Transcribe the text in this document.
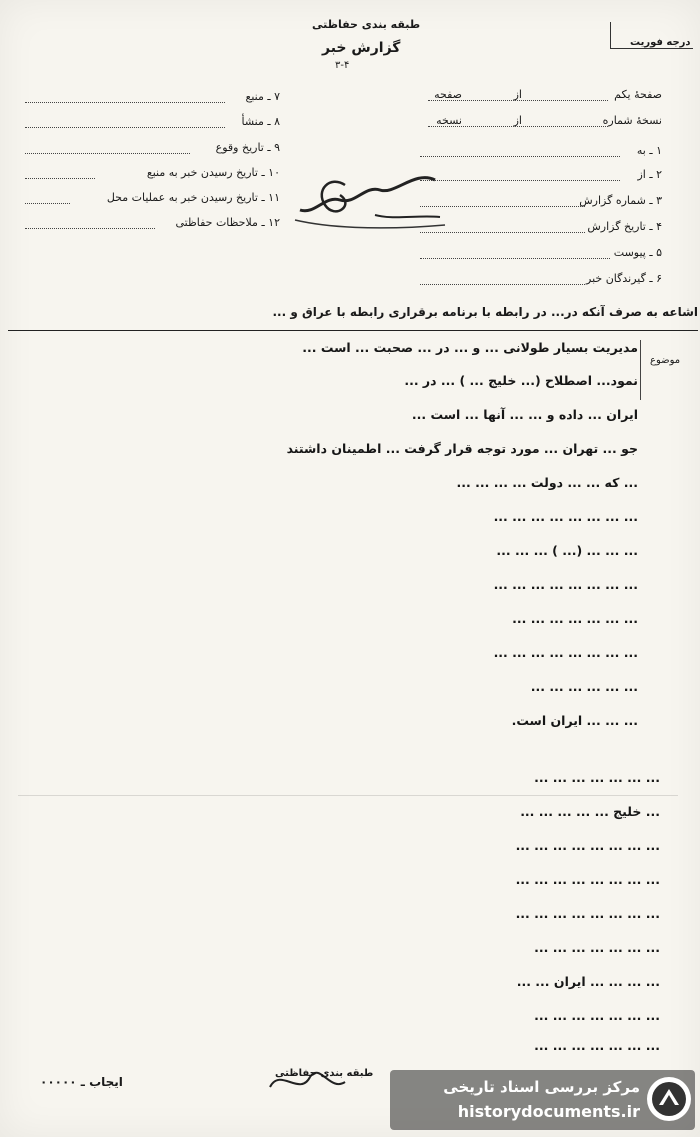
طبقه بندی حفاظتی
گزارش خبر
۳-۴
درجه فوریت
صفحهٔ یکم
از
صفحه
نسخهٔ شماره
از
نسخه
۱ ـ به
۲ ـ از
۳ ـ شماره گزارش
۴ ـ تاریخ گزارش
۵ ـ پیوست
۶ ـ گیرندگان خبر
۷ ـ منبع
۸ ـ منشأ
۹ ـ تاریخ وقوع
۱۰ ـ تاریخ رسیدن خبر به منبع
۱۱ ـ تاریخ رسیدن خبر به عملیات محل
۱۲ ـ ملاحظات حفاظتی
اشاعه به صرف آنکه در... در رابطه با برنامه برقراری رابطه با عراق و ...
موضوع
مدیریت بسیار طولانی ... و ... در ... صحبت ... است ...
نمود... اصطلاح (... خلیج ... ) ... در ...
ایران ... داده و ... ... آنها ... است ...
جو ... تهران ... مورد توجه قرار گرفت ... اطمینان داشتند
... که ... ... دولت ... ... ... ...
... ... ... ... ... ... ... ...
... ... ... (... ) ... ... ...
... ... ... ... ... ... ... ...
... ... ... ... ... ... ...
... ... ... ... ... ... ... ...
... ... ... ... ... ...
... ... ... ایران است.
... ... ... ... ... ... ...
... خلیج ... ... ... ... ...
... ... ... ... ... ... ... ...
... ... ... ... ... ... ... ...
... ... ... ... ... ... ... ...
... ... ... ... ... ... ...
... ... ... ... ایران ... ...
... ... ... ... ... ... ...
... ... ... ... ... ... ...
طبقه بندی حفاظتی
ایجاب ـ ۰۰۰۰۰	مرکز بررسی اسناد تاریخی
historydocuments.ir
